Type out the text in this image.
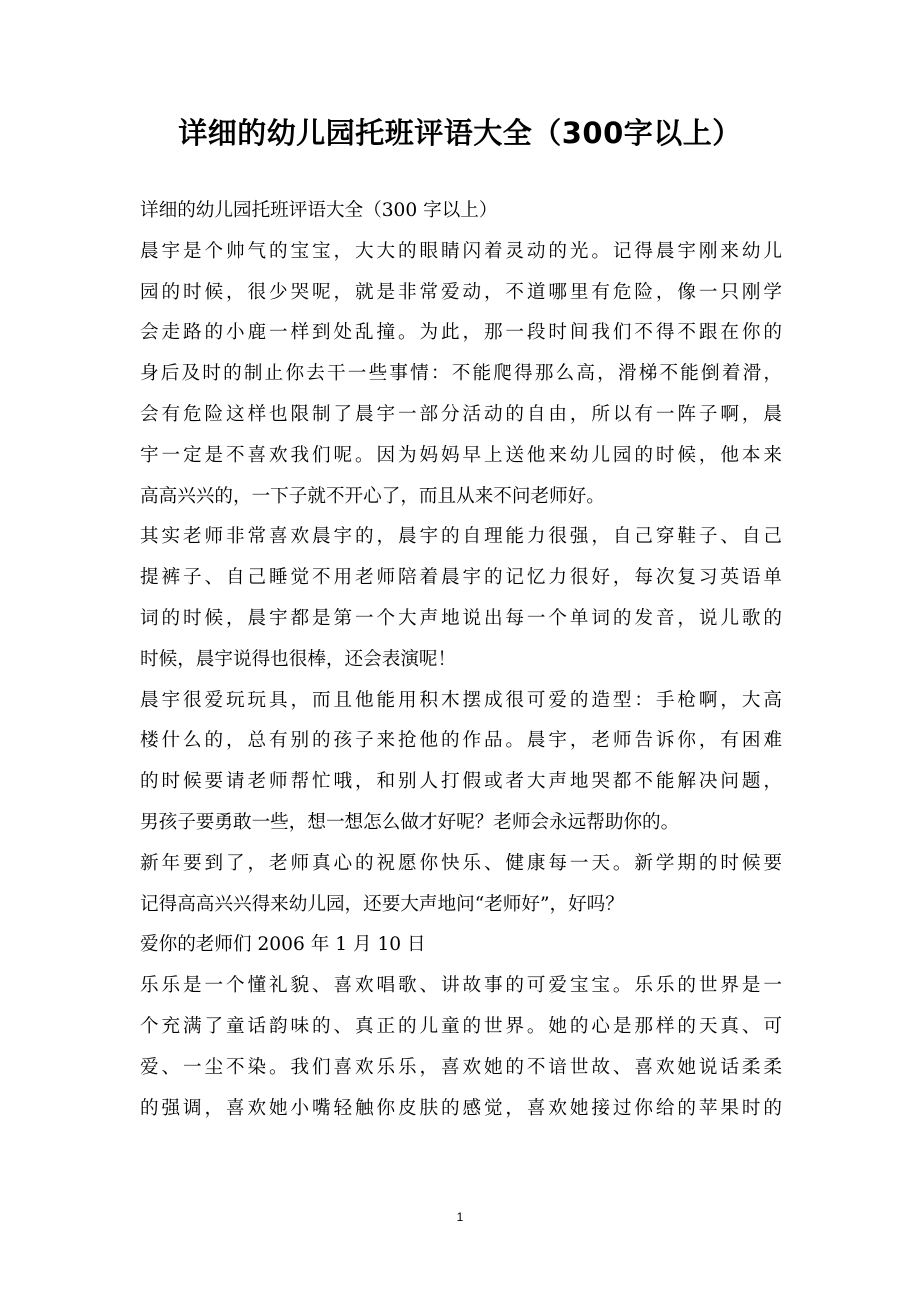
详细的幼儿园托班评语大全（300字以上）
详细的幼儿园托班评语大全（300 字以上）
晨宇是个帅气的宝宝，大大的眼睛闪着灵动的光。记得晨宇刚来幼儿
园的时候，很少哭呢，就是非常爱动，不道哪里有危险，像一只刚学
会走路的小鹿一样到处乱撞。为此，那一段时间我们不得不跟在你的
身后及时的制止你去干一些事情：不能爬得那么高，滑梯不能倒着滑，
会有危险这样也限制了晨宇一部分活动的自由，所以有一阵子啊，晨
宇一定是不喜欢我们呢。因为妈妈早上送他来幼儿园的时候，他本来
高高兴兴的，一下子就不开心了，而且从来不问老师好。
其实老师非常喜欢晨宇的，晨宇的自理能力很强，自己穿鞋子、自己
提裤子、自己睡觉不用老师陪着晨宇的记忆力很好，每次复习英语单
词的时候，晨宇都是第一个大声地说出每一个单词的发音，说儿歌的
时候，晨宇说得也很棒，还会表演呢！
晨宇很爱玩玩具，而且他能用积木摆成很可爱的造型：手枪啊，大高
楼什么的，总有别的孩子来抢他的作品。晨宇，老师告诉你，有困难
的时候要请老师帮忙哦，和别人打假或者大声地哭都不能解决问题，
男孩子要勇敢一些，想一想怎么做才好呢？老师会永远帮助你的。
新年要到了，老师真心的祝愿你快乐、健康每一天。新学期的时候要
记得高高兴兴得来幼儿园，还要大声地问“老师好”，好吗？
爱你的老师们 2006 年 1 月 10 日
乐乐是一个懂礼貌、喜欢唱歌、讲故事的可爱宝宝。乐乐的世界是一
个充满了童话韵味的、真正的儿童的世界。她的心是那样的天真、可
爱、一尘不染。我们喜欢乐乐，喜欢她的不谙世故、喜欢她说话柔柔
的强调，喜欢她小嘴轻触你皮肤的感觉，喜欢她接过你给的苹果时的
1
